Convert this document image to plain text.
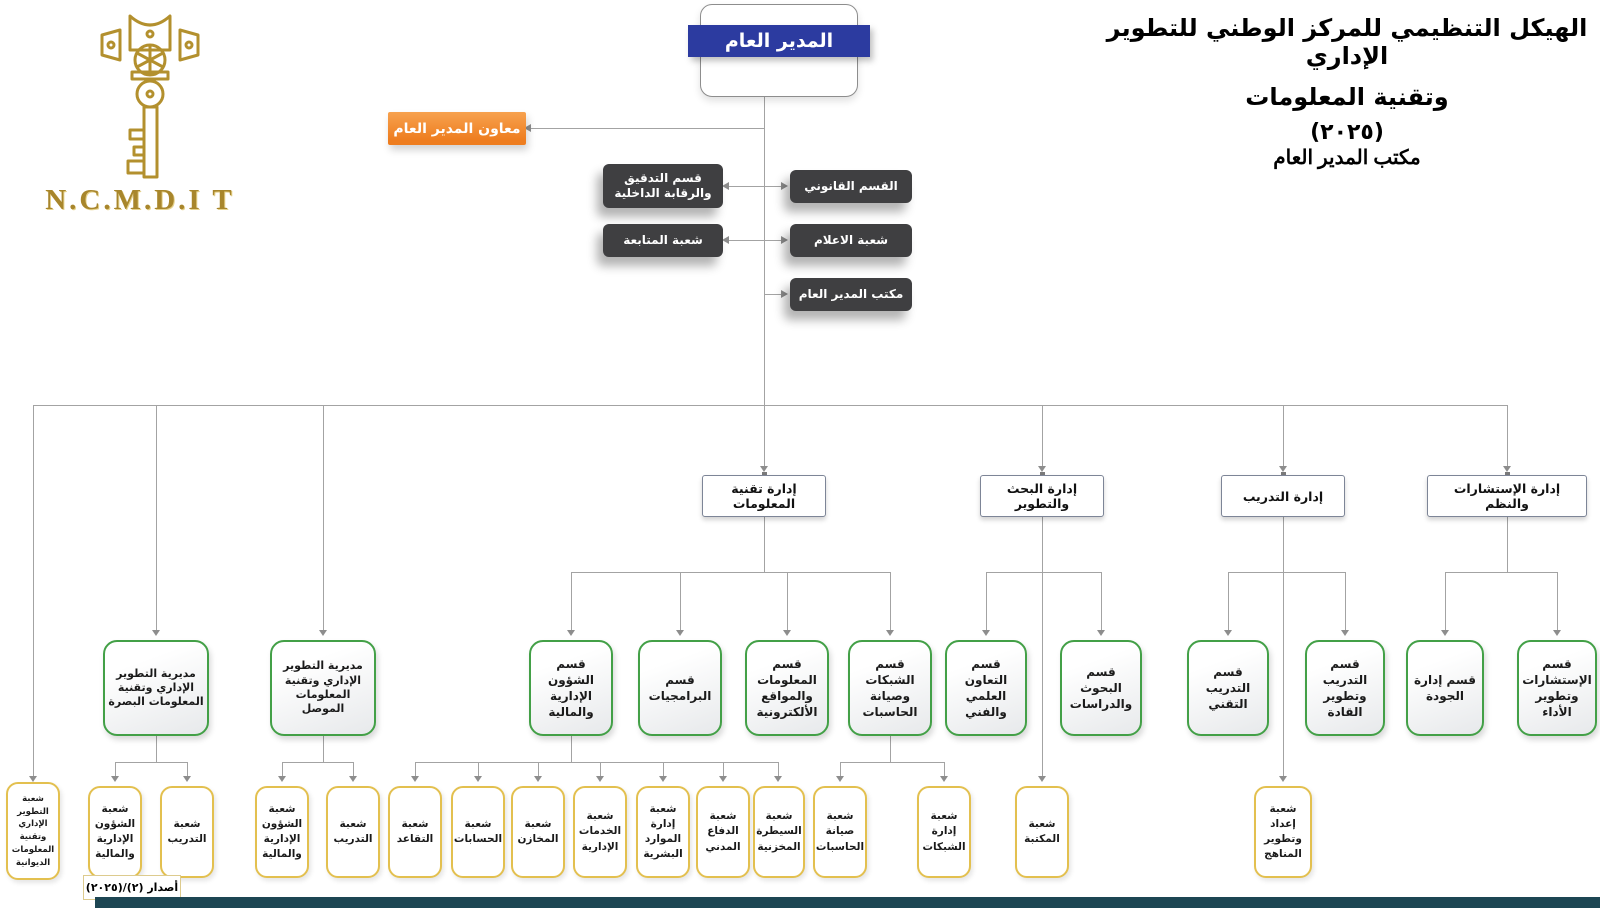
N.C.M.D.I T
الهيكل التنظيمي للمركز الوطني للتطوير الإداري
وتقنية المعلومات
(٢٠٢٥)
مكتب المدير العام
المدير العام
معاون المدير العام
قسم التدقيق والرقابة الداخلية	القسم القانوني
شعبة المتابعة	شعبة الاعلام
مكتب المدير العام
إدارة تقنية المعلومات
إدارة البحث والتطوير	إدارة التدريب	إدارة الإستشارات والنظم
مديرية التطوير الإداري وتقنية المعلومات البصرة
مديرية التطوير الإداري وتقنية المعلومات الموصل
قسم الشؤون الإدارية والمالية
قسم البرامجيات
قسم المعلومات والمواقع الألكترونية
قسم الشبكات وصيانة الحاسبات
قسم التعاون العلمي والفني
قسم البحوث والدراسات
قسم التدريب التقني
قسم التدريب وتطوير القادة
قسم إدارة الجودة
قسم الإستشارات وتطوير الأداء
شعبة التطوير الإداري وتقنية المعلومات الديوانية
شعبة الشؤون الإدارية والمالية
شعبة التدريب
شعبة الشؤون الإدارية والمالية
شعبة التدريب
شعبة التقاعد
شعبة الحسابات
شعبة المخازن
شعبة الخدمات الإدارية
شعبة إدارة الموارد البشرية
شعبة الدفاع المدني
شعبة السيطرة المخزنية
شعبة صيانة الحاسبات
شعبة إدارة الشبكات
شعبة المكتبة
شعبة إعداد وتطوير المناهج
أصدار (٢)/(٢٠٢٥)
